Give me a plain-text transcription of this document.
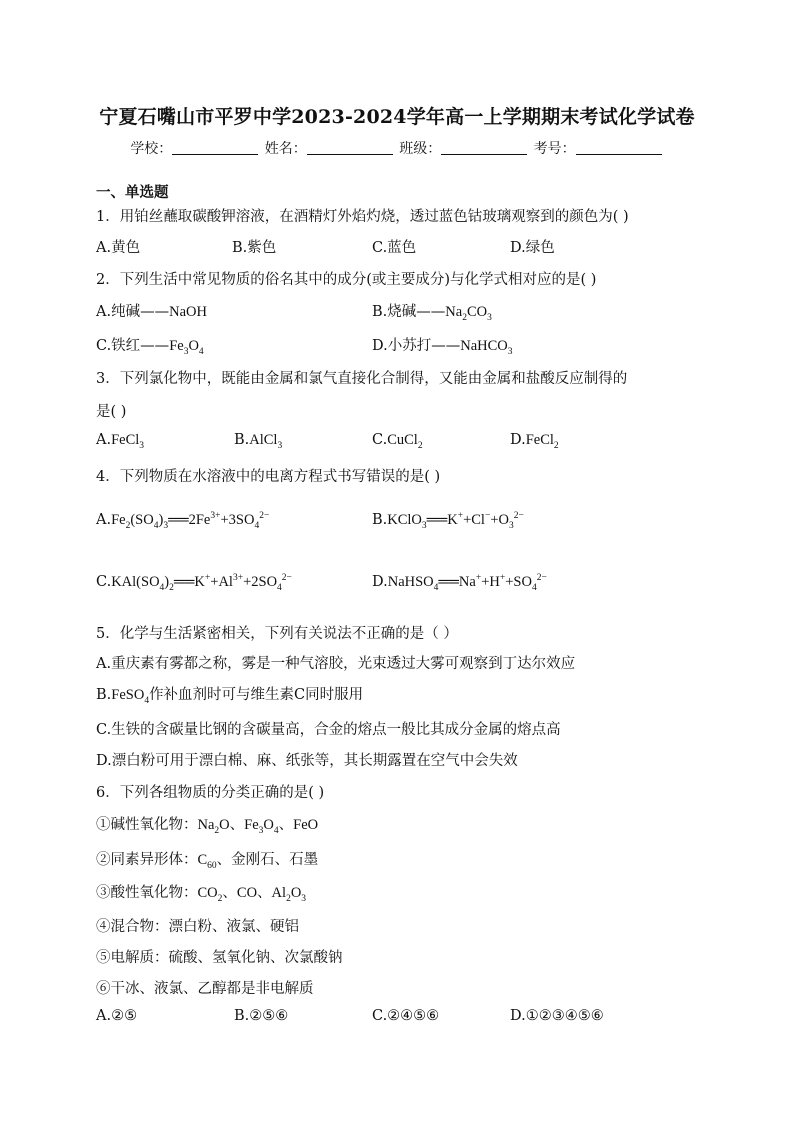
宁夏石嘴山市平罗中学2023-2024学年高一上学期期末考试化学试卷
学校：	姓名：	班级：	考号：
一、单选题
1．用铂丝蘸取碳酸钾溶液，在酒精灯外焰灼烧，透过蓝色钴玻璃观察到的颜色为( )
A.黄色	B.紫色	C.蓝色	D.绿色
2．下列生活中常见物质的俗名其中的成分(或主要成分)与化学式相对应的是( )
A.纯碱——NaOH	B.烧碱$——Na_2CO_3$
C.铁红$——Fe_3O_4$	D.小苏打——NaHCO$_3$
3．下列氯化物中，既能由金属和氯气直接化合制得，又能由金属和盐酸反应制得的
是( )
A.FeCl$_3$	B.AlCl$_3$	C.CuCl$_2$	D.FeCl$_2$
4．下列物质在水溶液中的电离方程式书写错误的是( )
$A.Fe_2(SO_4)_3══2Fe^{3+}+3SO_4^{2-}$	$B.KClO_3══K^++Cl^-+O_3^{2-}$
$C.KAl(SO_4)_2══K^++Al^{3+}+2SO_4^{2-}$	$D.NaHSO_4══Na^++H^++SO_4^{2-}$
5．化学与生活紧密相关，下列有关说法不正确的是（ ）
A.重庆素有雾都之称，雾是一种气溶胶，光束透过大雾可观察到丁达尔效应
B.FeSO$_4$作补血剂时可与维生素C同时服用
C.生铁的含碳量比钢的含碳量高，合金的熔点一般比其成分金属的熔点高
D.漂白粉可用于漂白棉、麻、纸张等，其长期露置在空气中会失效
6．下列各组物质的分类正确的是( )
①碱性氧化物：$Na_2O$、$Fe_3O_4$、FeO
②同素异形体：$C_{60}$、金刚石、石墨
③酸性氧化物：$CO_2$、CO、$Al_2O_3$
④混合物：漂白粉、液氯、硬铝
⑤电解质：硫酸、氢氧化钠、次氯酸钠
⑥干冰、液氯、乙醇都是非电解质
A.②⑤	B.②⑤⑥	C.②④⑤⑥	D.①②③④⑤⑥
